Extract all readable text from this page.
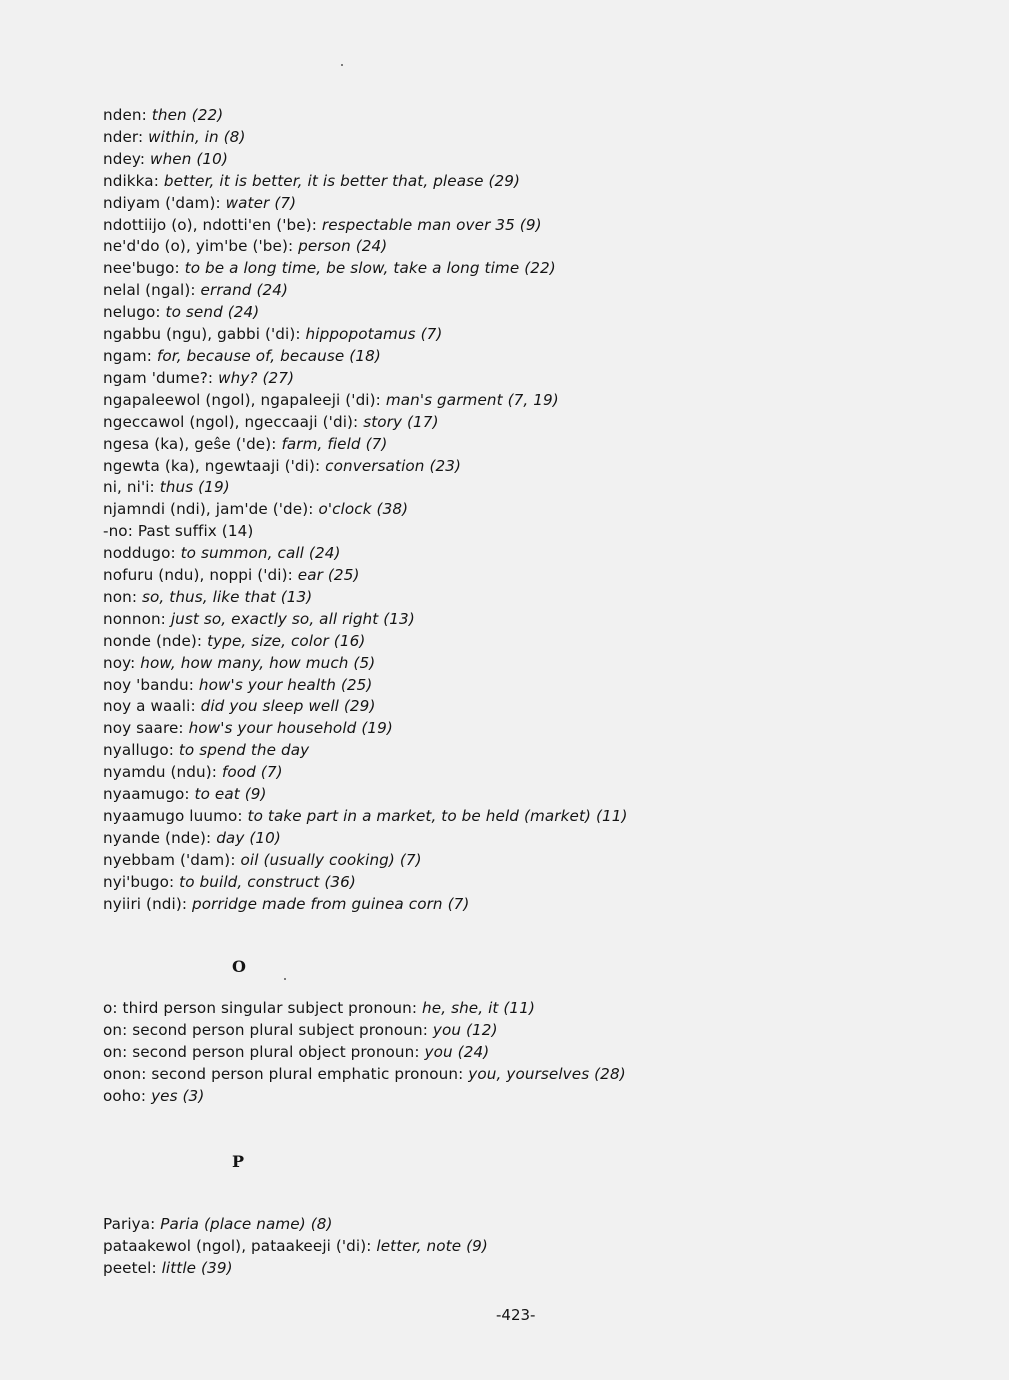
nden: then (22)
nder: within, in (8)
ndey: when (10)
ndikka: better, it is better, it is better that, please (29)
ndiyam ('dam): water (7)
ndottiijo (o), ndotti'en ('be): respectable man over 35 (9)
ne'd'do (o), yim'be ('be): person (24)
nee'bugo: to be a long time, be slow, take a long time (22)
nelal (ngal): errand (24)
nelugo: to send (24)
ngabbu (ngu), gabbi ('di): hippopotamus (7)
ngam: for, because of, because (18)
ngam 'dume?: why? (27)
ngapaleewol (ngol), ngapaleeji ('di): man's garment (7, 19)
ngeccawol (ngol), ngeccaaji ('di): story (17)
ngesa (ka), geŝe ('de): farm, field (7)
ngewta (ka), ngewtaaji ('di): conversation (23)
ni, ni'i: thus (19)
njamndi (ndi), jam'de ('de): o'clock (38)
-no: Past suffix (14)
noddugo: to summon, call (24)
nofuru (ndu), noppi ('di): ear (25)
non: so, thus, like that (13)
nonnon: just so, exactly so, all right (13)
nonde (nde): type, size, color (16)
noy: how, how many, how much (5)
noy 'bandu: how's your health (25)
noy a waali: did you sleep well (29)
noy saare: how's your household (19)
nyallugo: to spend the day
nyamdu (ndu): food (7)
nyaamugo: to eat (9)
nyaamugo luumo: to take part in a market, to be held (market) (11)
nyande (nde): day (10)
nyebbam ('dam): oil (usually cooking) (7)
nyi'bugo: to build, construct (36)
nyiiri (ndi): porridge made from guinea corn (7)
O
o: third person singular subject pronoun: he, she, it (11)
on: second person plural subject pronoun: you (12)
on: second person plural object pronoun: you (24)
onon: second person plural emphatic pronoun: you, yourselves (28)
ooho: yes (3)
P
Pariya: Paria (place name) (8)
pataakewol (ngol), pataakeeji ('di): letter, note (9)
peetel: little (39)
-423-
